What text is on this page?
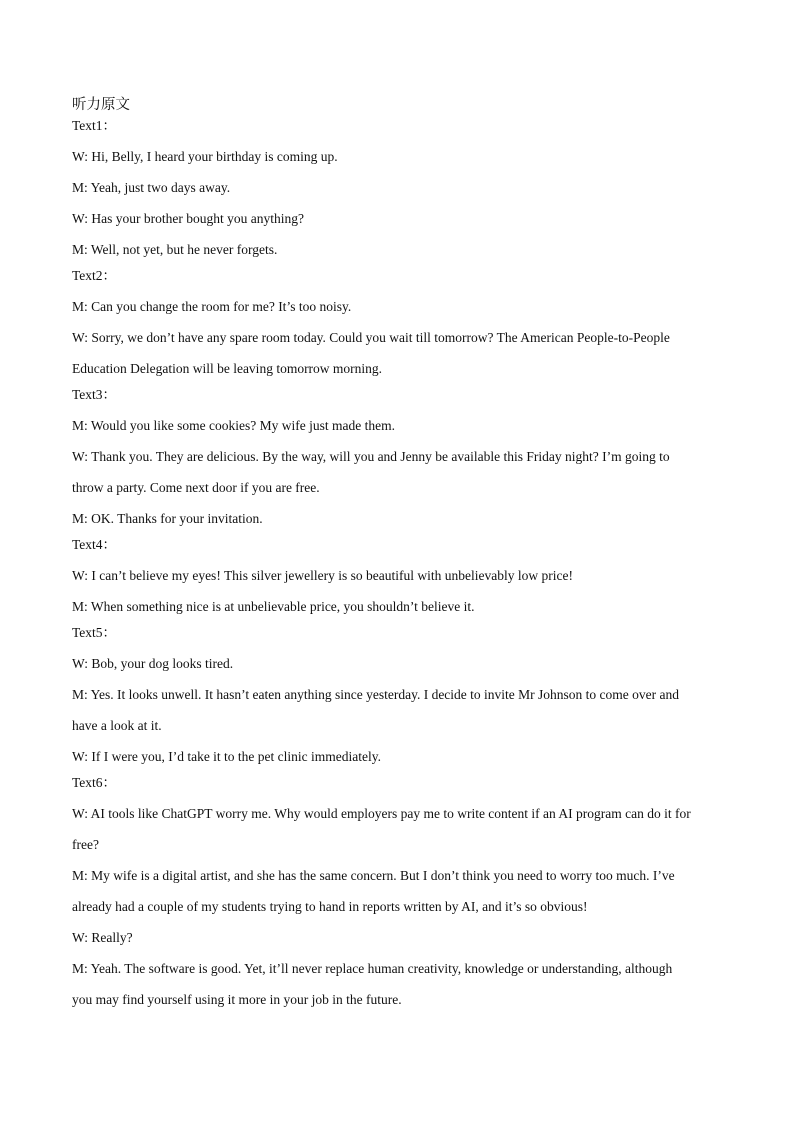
听力原文
Text1：
W: Hi, Belly, I heard your birthday is coming up.
M: Yeah, just two days away.
W: Has your brother bought you anything?
M: Well, not yet, but he never forgets.
Text2：
M: Can you change the room for me? It’s too noisy.
W: Sorry, we don’t have any spare room today. Could you wait till tomorrow? The American People-to-People
Education Delegation will be leaving tomorrow morning.
Text3：
M: Would you like some cookies? My wife just made them.
W: Thank you. They are delicious. By the way, will you and Jenny be available this Friday night? I’m going to
throw a party. Come next door if you are free.
M: OK. Thanks for your invitation.
Text4：
W: I can’t believe my eyes! This silver jewellery is so beautiful with unbelievably low price!
M: When something nice is at unbelievable price, you shouldn’t believe it.
Text5：
W: Bob, your dog looks tired.
M: Yes. It looks unwell. It hasn’t eaten anything since yesterday. I decide to invite Mr Johnson to come over and
have a look at it.
W: If I were you, I’d take it to the pet clinic immediately.
Text6：
W: AI tools like ChatGPT worry me. Why would employers pay me to write content if an AI program can do it for
free?
M: My wife is a digital artist, and she has the same concern. But I don’t think you need to worry too much. I’ve
already had a couple of my students trying to hand in reports written by AI, and it’s so obvious!
W: Really?
M: Yeah. The software is good. Yet, it’ll never replace human creativity, knowledge or understanding, although
you may find yourself using it more in your job in the future.
